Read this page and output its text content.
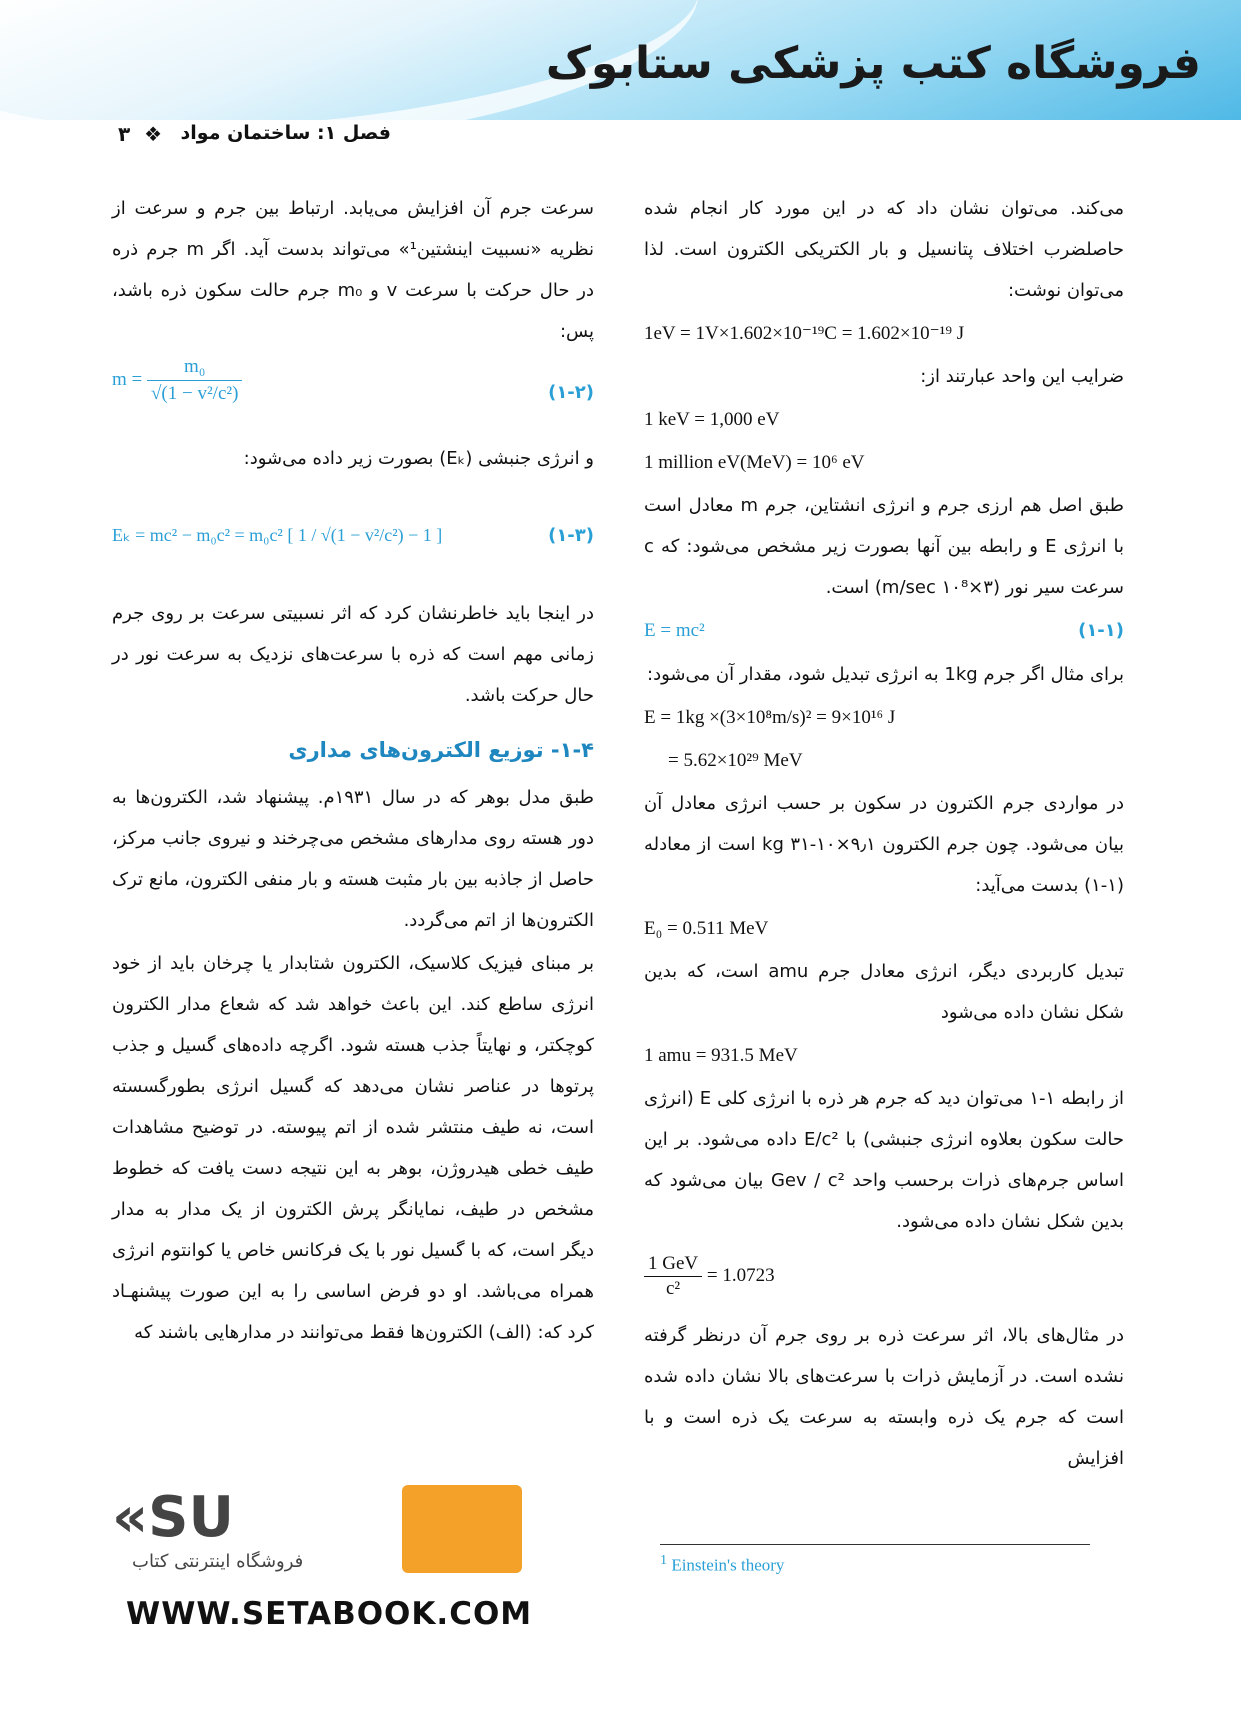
فروشگاه کتب پزشکی ستابوک
فصل ۱: ساختمان مواد
۳ ❖

می‌کند. می‌توان نشان داد که در این مورد کار انجام شده حاصلضرب اختلاف پتانسیل و بار الکتریکی الکترون است. لذا می‌توان نوشت:

1eV = 1V×1.602×10⁻¹⁹C = 1.602×10⁻¹⁹ J

ضرایب این واحد عبارتند از:

1 keV = 1,000 eV

1 million eV(MeV) = 10⁶ eV

طبق اصل هم ارزی جرم و انرژی انشتاین، جرم m معادل است با انرژی E و رابطه بین آنها بصورت زیر مشخص می‌شود: که c سرعت سیر نور (۳×۱۰⁸ m/sec) است.

(۱-۱)
E = mc²

برای مثال اگر جرم 1kg به انرژی تبدیل شود، مقدار آن می‌شود:

E = 1kg ×(3×10⁸m/s)² = 9×10¹⁶ J

= 5.62×10²⁹ MeV

در مواردی جرم الکترون در سکون بر حسب انرژی معادل آن بیان می‌شود. چون جرم الکترون kg ۳۱-۱۰×۹٫۱ است از معادله (۱-۱) بدست می‌آید:

E₀ = 0.511 MeV

تبدیل کاربردی دیگر، انرژی معادل جرم amu است، که بدین شکل نشان داده می‌شود

1 amu = 931.5 MeV

از رابطه ۱-۱ می‌توان دید که جرم هر ذره با انرژی کلی E (انرژی حالت سکون بعلاوه انرژی جنبشی) با E/c² داده می‌شود. بر این اساس جرم‌های ذرات برحسب واحد Gev / c² بیان می‌شود که بدین شکل نشان داده می‌شود.

$\frac{\text{1 GeV}}{\text{c²}} = 1.0723$

در مثال‌های بالا، اثر سرعت ذره بر روی جرم آن درنظر گرفته نشده است. در آزمایش ذرات با سرعت‌های بالا نشان داده شده است که جرم یک ذره وابسته به سرعت یک ذره است و با افزایش

سرعت جرم آن افزایش می‌یابد. ارتباط بین جرم و سرعت از نظریه «نسبیت اینشتین¹» می‌تواند بدست آید. اگر m جرم ذره در حال حرکت با سرعت v و m₀ جرم حالت سکون ذره باشد، پس:

(۱-۲)
$m = \frac{\text{m₀}}{\text{√(1 − v²/c²)}}$

و انرژی جنبشی (Eₖ) بصورت زیر داده می‌شود:

(۱-۳)
Eₖ = mc² − m₀c² = m₀c² [ 1 / √(1 − v²/c²) − 1 ]

در اینجا باید خاطرنشان کرد که اثر نسبیتی سرعت بر روی جرم زمانی مهم است که ذره با سرعت‌های نزدیک به سرعت نور در حال حرکت باشد.

۱-۴- توزیع الکترون‌های مداری

طبق مدل بوهر که در سال ۱۹۳۱م. پیشنهاد شد، الکترون‌ها به دور هسته روی مدارهای مشخص می‌چرخند و نیروی جانب مرکز، حاصل از جاذبه بین بار مثبت هسته و بار منفی الکترون، مانع ترک الکترون‌ها از اتم می‌گردد.

بر مبنای فیزیک کلاسیک، الکترون شتابدار یا چرخان باید از خود انرژی ساطع کند. این باعث خواهد شد که شعاع مدار الکترون کوچکتر، و نهایتاً جذب هسته شود. اگرچه داده‌های گسیل و جذب پرتوها در عناصر نشان می‌دهد که گسیل انرژی بطورگسسته است، نه طیف منتشر شده از اتم پیوسته. در توضیح مشاهدات طیف خطی هیدروژن، بوهر به این نتیجه دست یافت که خطوط مشخص در طیف، نمایانگر پرش الکترون از یک مدار به مدار دیگر است، که با گسیل نور با یک فرکانس خاص یا کوانتوم انرژی همراه می‌باشد. او دو فرض اساسی را به این صورت پیشنهـاد کرد که: (الف) الکترون‌ها فقط می‌توانند در مدارهایی باشند که

$^1$ Einstein's theory
«SU
فروشگاه اینترنتی کتاب
WWW.SETABOOK.COM
